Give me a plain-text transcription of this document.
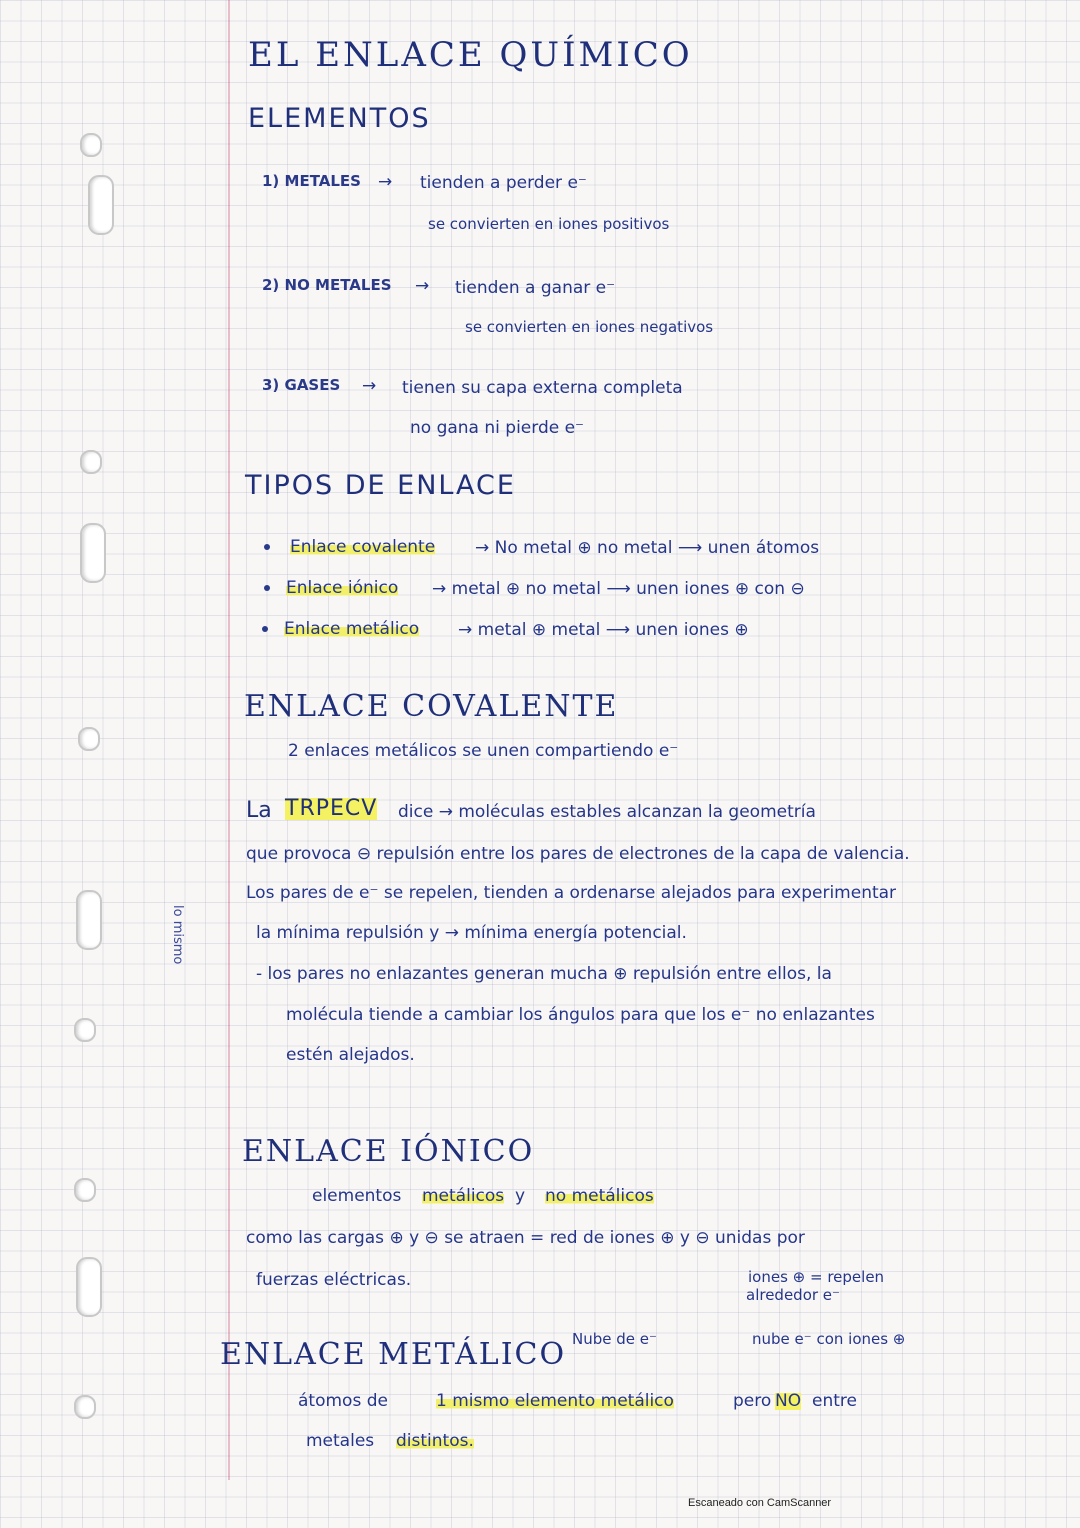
EL ENLACE QUÍMICO
ELEMENTOS
1) METALES → tienden a perder e⁻
se convierten en iones positivos
2) NO METALES → tienden a ganar e⁻
se convierten en iones negativos
3) GASES → tienen su capa externa completa
no gana ni pierde e⁻
TIPOS DE ENLACE
Enlace covalente → No metal ⊕ no metal ⟶ unen átomos
Enlace iónico → metal ⊕ no metal ⟶ unen iones ⊕ con ⊖
Enlace metálico → metal ⊕ metal ⟶ unen iones ⊕
ENLACE COVALENTE
2 enlaces metálicos se unen compartiendo e⁻
La TRPECV dice → moléculas estables alcanzan la geometría
que provoca ⊖ repulsión entre los pares de electrones de la capa de valencia.
Los pares de e⁻ se repelen, tienden a ordenarse alejados para experimentar
la mínima repulsión y → mínima energía potencial.
- los pares no enlazantes generan mucha ⊕ repulsión entre ellos, la
molécula tiende a cambiar los ángulos para que los e⁻ no enlazantes
estén alejados.
lo mismo
ENLACE IÓNICO
elementos metálicos y no metálicos
como las cargas ⊕ y ⊖ se atraen = red de iones ⊕ y ⊖ unidas por
fuerzas eléctricas.	iones ⊕ = repelen
alrededor e⁻
nube e⁻ con iones ⊕
ENLACE METÁLICO Nube de e⁻
átomos de	1 mismo elemento metálico	pero NO entre
metales distintos.
Escaneado con CamScanner
